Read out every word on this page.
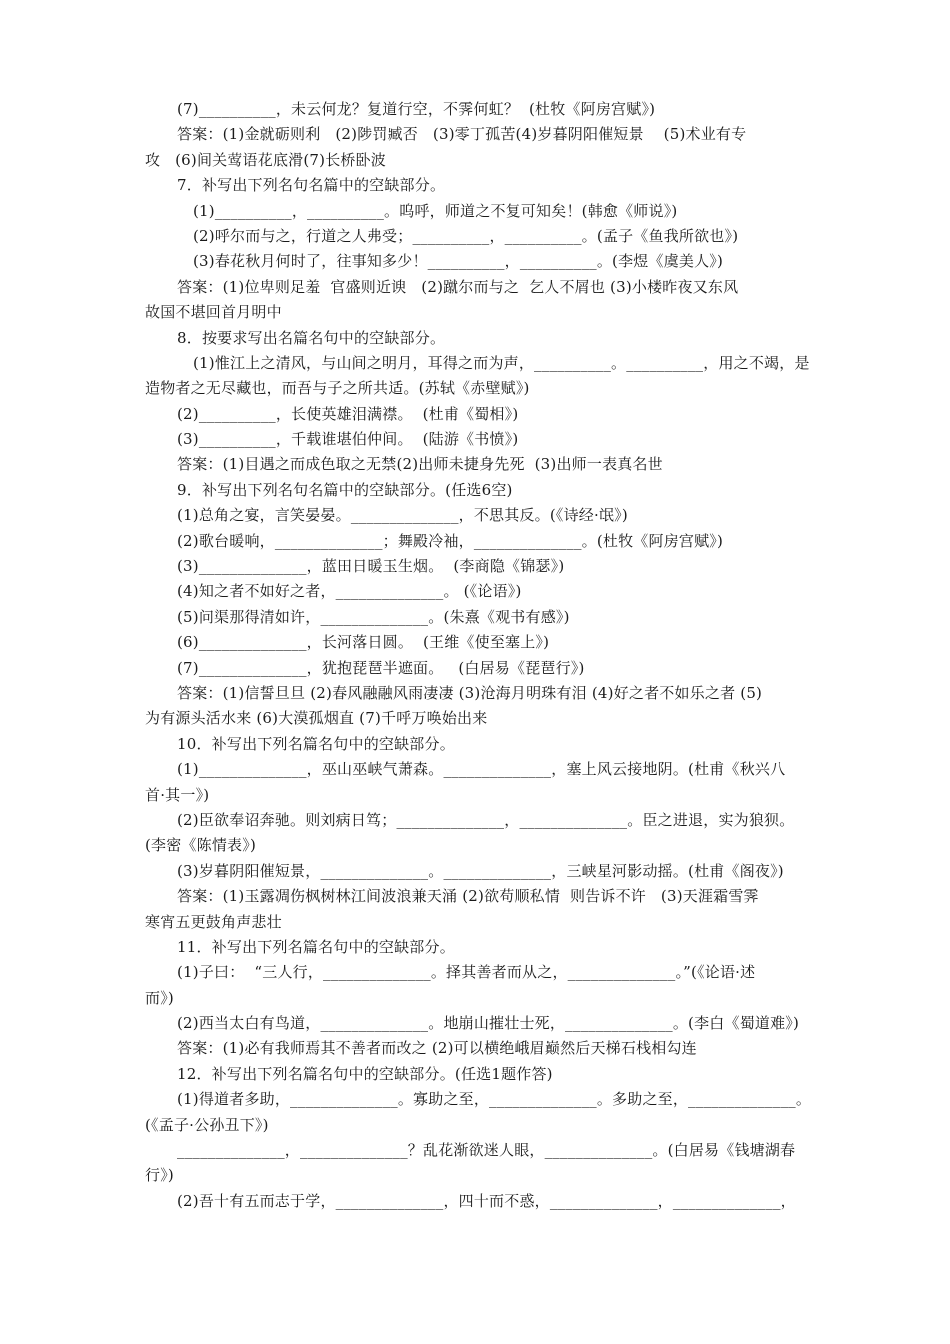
(7)__________，未云何龙？复道行空，不霁何虹？  (杜牧《阿房宫赋》)
答案：(1)金就砺则利   (2)陟罚臧否   (3)零丁孤苦(4)岁暮阴阳催短景    (5)术业有专
攻   (6)间关莺语花底滑(7)长桥卧波
7．补写出下列名句名篇中的空缺部分。
(1)__________，__________。呜呼，师道之不复可知矣！(韩愈《师说》)
(2)呼尔而与之，行道之人弗受；__________，__________。(孟子《鱼我所欲也》)
(3)春花秋月何时了，往事知多少！__________，__________。(李煜《虞美人》)
答案：(1)位卑则足羞  官盛则近谀   (2)蹴尔而与之  乞人不屑也 (3)小楼昨夜又东风
故国不堪回首月明中
8．按要求写出名篇名句中的空缺部分。
(1)惟江上之清风，与山间之明月，耳得之而为声，__________。__________，用之不竭，是
造物者之无尽藏也，而吾与子之所共适。(苏轼《赤壁赋》)
(2)__________，长使英雄泪满襟。  (杜甫《蜀相》)
(3)__________，千载谁堪伯仲间。  (陆游《书愤》)
答案：(1)目遇之而成色取之无禁(2)出师未捷身先死  (3)出师一表真名世
9．补写出下列名句名篇中的空缺部分。(任选6空)
(1)总角之宴，言笑晏晏。______________，不思其反。(《诗经·氓》)
(2)歌台暖响，______________；舞殿冷袖，______________。(杜牧《阿房宫赋》)
(3)______________，蓝田日暖玉生烟。  (李商隐《锦瑟》)
(4)知之者不如好之者，______________。 (《论语》)
(5)问渠那得清如许，______________。(朱熹《观书有感》)
(6)______________，长河落日圆。  (王维《使至塞上》)
(7)______________，犹抱琵琶半遮面。   (白居易《琵琶行》)
答案：(1)信誓旦旦 (2)春风融融风雨凄凄 (3)沧海月明珠有泪 (4)好之者不如乐之者 (5)
为有源头活水来 (6)大漠孤烟直 (7)千呼万唤始出来
10．补写出下列名篇名句中的空缺部分。
(1)______________，巫山巫峡气萧森。______________，塞上风云接地阴。(杜甫《秋兴八
首·其一》)
(2)臣欲奉诏奔驰。则刘病日笃；______________，______________。臣之进退，实为狼狈。
(李密《陈情表》)
(3)岁暮阴阳催短景，______________。______________，三峡星河影动摇。(杜甫《阁夜》)
答案：(1)玉露凋伤枫树林江间波浪兼天涌 (2)欲苟顺私情  则告诉不许   (3)天涯霜雪霁
寒宵五更鼓角声悲壮
11．补写出下列名篇名句中的空缺部分。
(1)子曰：  “三人行，______________。择其善者而从之，______________。”(《论语·述
而》)
(2)西当太白有鸟道，______________。地崩山摧壮士死，______________。(李白《蜀道难》)
答案：(1)必有我师焉其不善者而改之 (2)可以横绝峨眉巅然后天梯石栈相勾连
12．补写出下列名篇名句中的空缺部分。(任选1题作答)
(1)得道者多助，______________。寡助之至，______________。多助之至，______________。
(《孟子·公孙丑下》)
______________，______________？乱花渐欲迷人眼，______________。(白居易《钱塘湖春
行》)
(2)吾十有五而志于学，______________，四十而不惑，______________，______________，
